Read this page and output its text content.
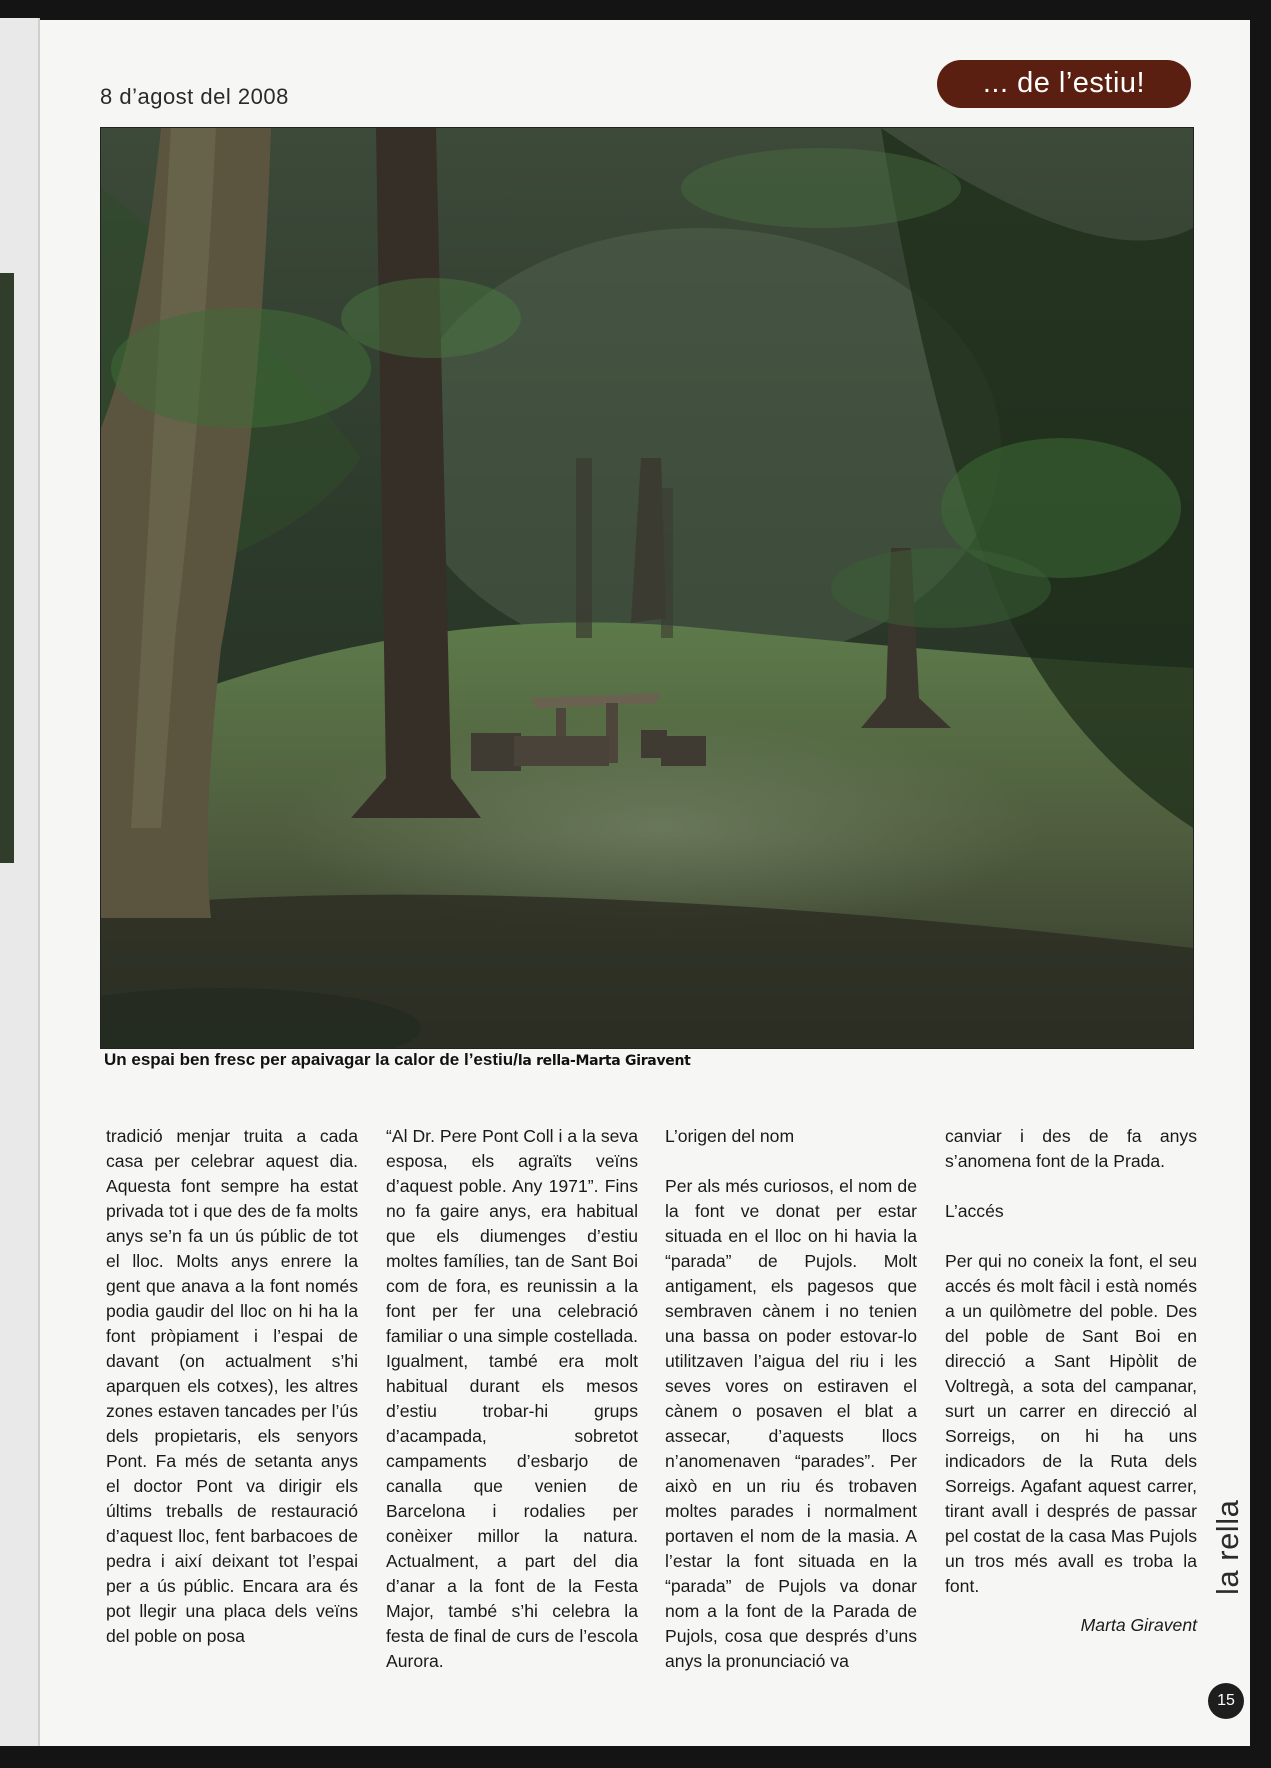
8 d’agost del 2008	... de l’estiu!
Un espai ben fresc per apaivagar la calor de l’estiu/la rella-Marta Giravent

tradició menjar truita a cada casa per celebrar aquest dia. Aquesta font sempre ha estat privada tot i que des de fa molts anys se’n fa un ús públic de tot el lloc. Molts anys enrere la gent que anava a la font només podia gaudir del lloc on hi ha la font pròpiament i l’espai de davant (on actualment s’hi aparquen els cotxes), les altres zones estaven tancades per l’ús dels propietaris, els senyors Pont. Fa més de setanta anys el doctor Pont va dirigir els últims treballs de restauració d’aquest lloc, fent barbacoes de pedra i així deixant tot l’espai per a ús públic. Encara ara és pot llegir una placa dels veïns del poble on posa

“Al Dr. Pere Pont Coll i a la seva esposa, els agraïts veïns d’aquest poble. Any 1971”. Fins no fa gaire anys, era habitual que els diumenges d’estiu moltes famílies, tan de Sant Boi com de fora, es reunissin a la font per fer una celebració familiar o una simple costellada. Igualment, també era molt habitual durant els mesos d’estiu trobar-hi grups d’acampada, sobretot campaments d’esbarjo de canalla que venien de Barcelona i rodalies per conèixer millor la natura. Actualment, a part del dia d’anar a la font de la Festa Major, també s’hi celebra la festa de final de curs de l’escola Aurora.

L’origen del nom

Per als més curiosos, el nom de la font ve donat per estar situada en el lloc on hi havia la “parada” de Pujols. Molt antigament, els pagesos que sembraven cànem i no tenien una bassa on poder estovar-lo utilitzaven l’aigua del riu i les seves vores on estiraven el cànem o posaven el blat a assecar, d’aquests llocs n’anomenaven “parades”. Per això en un riu és trobaven moltes parades i normalment portaven el nom de la masia. A l’estar la font situada en la “parada” de Pujols va donar nom a la font de la Parada de Pujols, cosa que després d’uns anys la pronunciació va

canviar i des de fa anys s’anomena font de la Prada.

L’accés

Per qui no coneix la font, el seu accés és molt fàcil i està només a un quilòmetre del poble. Des del poble de Sant Boi en direcció a Sant Hipòlit de Voltregà, a sota del campanar, surt un carrer en direcció al Sorreigs, on hi ha uns indicadors de la Ruta dels Sorreigs. Agafant aquest carrer, tirant avall i després de passar pel costat de la casa Mas Pujols un tros més avall es troba la font.

Marta Giravent

la rella
15
